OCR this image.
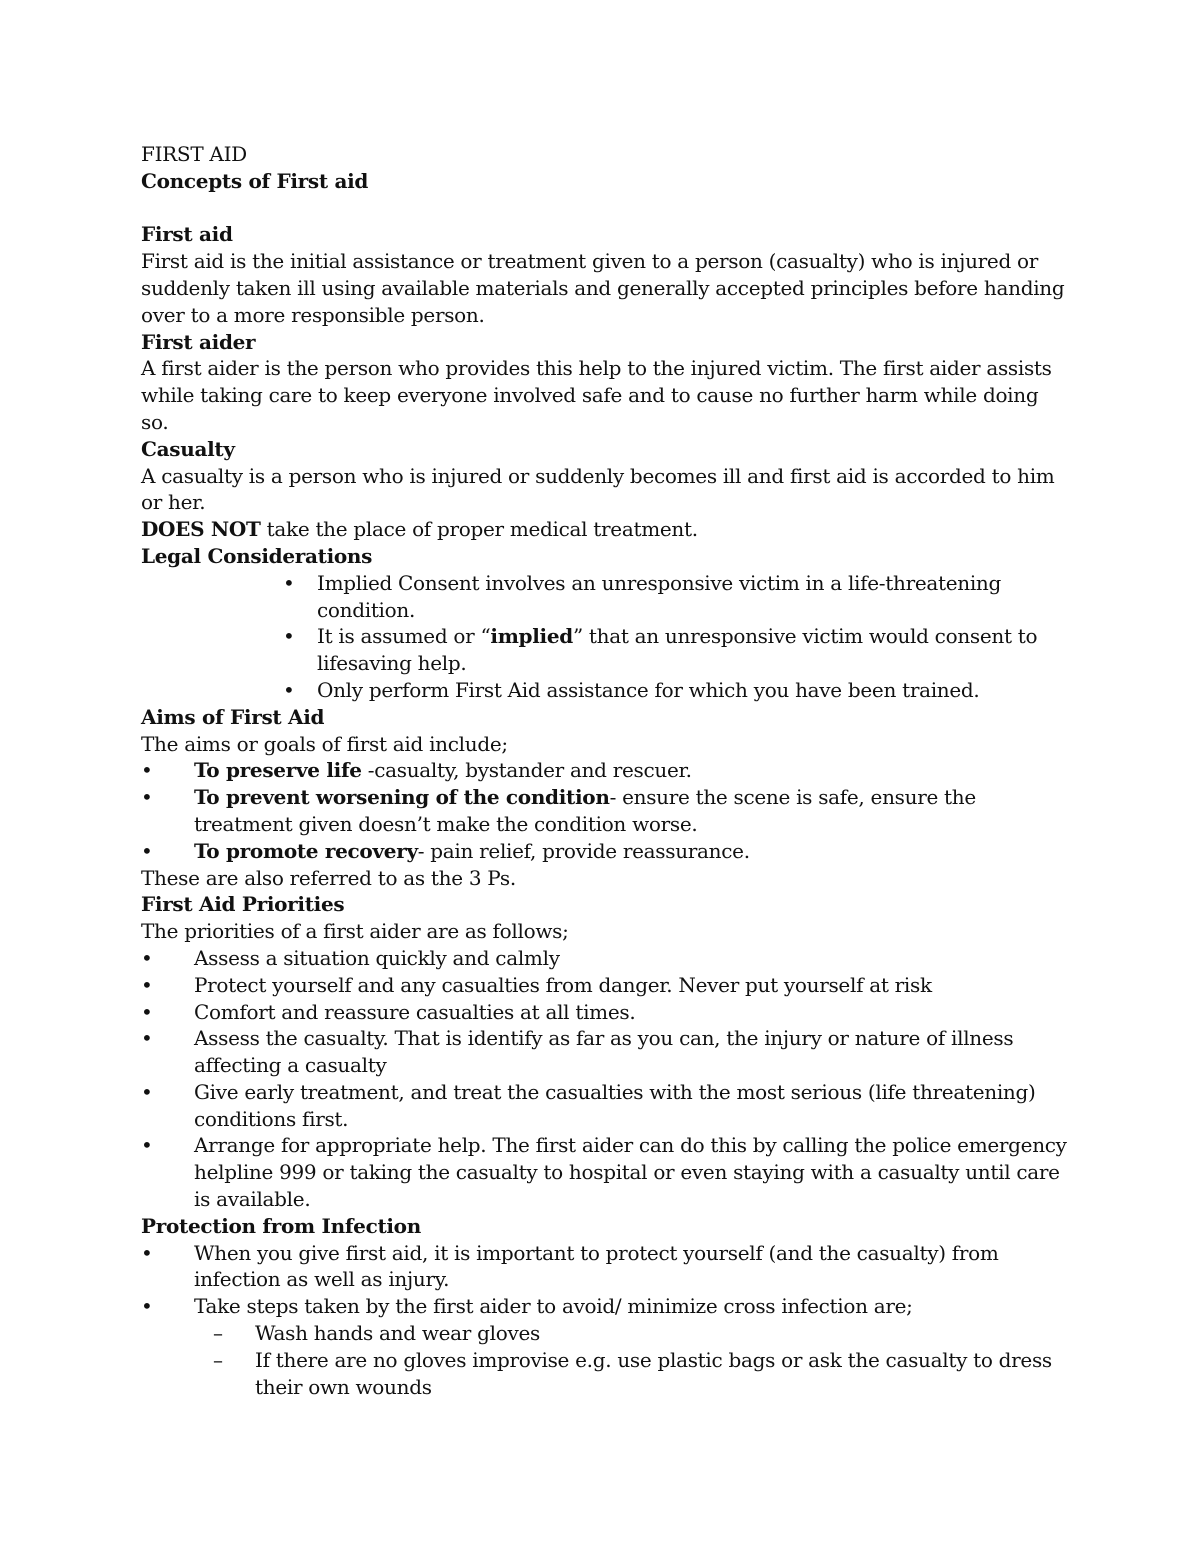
FIRST AID

Concepts of First aid

First aid

First aid is the initial assistance or treatment given to a person (casualty) who is injured or suddenly taken ill using available materials and generally accepted principles before handing over to a more responsible person.

First aider

A first aider is the person who provides this help to the injured victim. The first aider assists while taking care to keep everyone involved safe and to cause no further harm while doing so.

Casualty

A casualty is a person who is injured or suddenly becomes ill and first aid is accorded to him or her.

DOES NOT take the place of proper medical treatment.

Legal Considerations

• Implied Consent involves an unresponsive victim in a life-threatening condition.
• It is assumed or “implied” that an unresponsive victim would consent to lifesaving help.
• Only perform First Aid assistance for which you have been trained.

Aims of First Aid

The aims or goals of first aid include;

• To preserve life -casualty, bystander and rescuer.
• To prevent worsening of the condition- ensure the scene is safe, ensure the treatment given doesn’t make the condition worse.
• To promote recovery- pain relief, provide reassurance.

These are also referred to as the 3 Ps.

First Aid Priorities

The priorities of a first aider are as follows;

• Assess a situation quickly and calmly
• Protect yourself and any casualties from danger. Never put yourself at risk
• Comfort and reassure casualties at all times.
• Assess the casualty. That is identify as far as you can, the injury or nature of illness affecting a casualty
• Give early treatment, and treat the casualties with the most serious (life threatening) conditions first.
• Arrange for appropriate help. The first aider can do this by calling the police emergency helpline 999 or taking the casualty to hospital or even staying with a casualty until care is available.

Protection from Infection

• When you give first aid, it is important to protect yourself (and the casualty) from infection as well as injury.
• Take steps taken by the first aider to avoid/ minimize cross infection are;
– Wash hands and wear gloves
– If there are no gloves improvise e.g. use plastic bags or ask the casualty to dress their own wounds
